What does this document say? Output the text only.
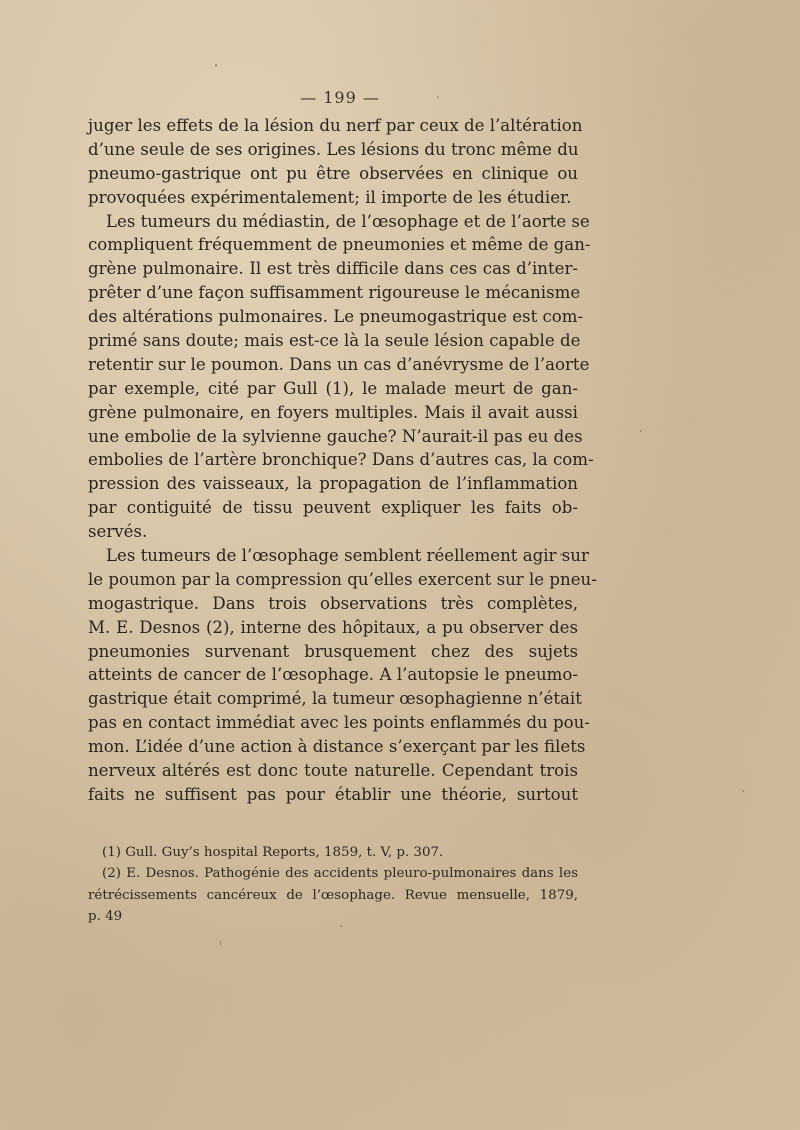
— 199 —
juger les effets de la lésion du nerf par ceux de l’altération
d’une seule de ses origines. Les lésions du tronc même du
pneumo-gastrique ont pu être observées en clinique ou
provoquées expérimentalement; il importe de les étudier.
Les tumeurs du médiastin, de l’œsophage et de l’aorte se
compliquent fréquemment de pneumonies et même de gan-
grène pulmonaire. Il est très difficile dans ces cas d’inter-
prêter d’une façon suffisamment rigoureuse le mécanisme
des altérations pulmonaires. Le pneumogastrique est com-
primé sans doute; mais est-ce là la seule lésion capable de
retentir sur le poumon. Dans un cas d’anévrysme de l’aorte
par exemple, cité par Gull (1), le malade meurt de gan-
grène pulmonaire, en foyers multiples. Mais il avait aussi
une embolie de la sylvienne gauche? N’aurait-il pas eu des
embolies de l’artère bronchique? Dans d’autres cas, la com-
pression des vaisseaux, la propagation de l’inflammation
par contiguité de tissu peuvent expliquer les faits ob-
servés.
Les tumeurs de l’œsophage semblent réellement agir sur
le poumon par la compression qu’elles exercent sur le pneu-
mogastrique. Dans trois observations très complètes,
M. E. Desnos (2), interne des hôpitaux, a pu observer des
pneumonies survenant brusquement chez des sujets
atteints de cancer de l’œsophage. A l’autopsie le pneumo-
gastrique était comprimé, la tumeur œsophagienne n’était
pas en contact immédiat avec les points enflammés du pou-
mon. L’idée d’une action à distance s’exerçant par les filets
nerveux altérés est donc toute naturelle. Cependant trois
faits ne suffisent pas pour établir une théorie, surtout
(1) Gull. Guy’s hospital Reports, 1859, t. V, p. 307.
(2) E. Desnos. Pathogénie des accidents pleuro-pulmonaires dans les
rétrécissements cancéreux de l’œsophage. Revue mensuelle, 1879,
p. 49
